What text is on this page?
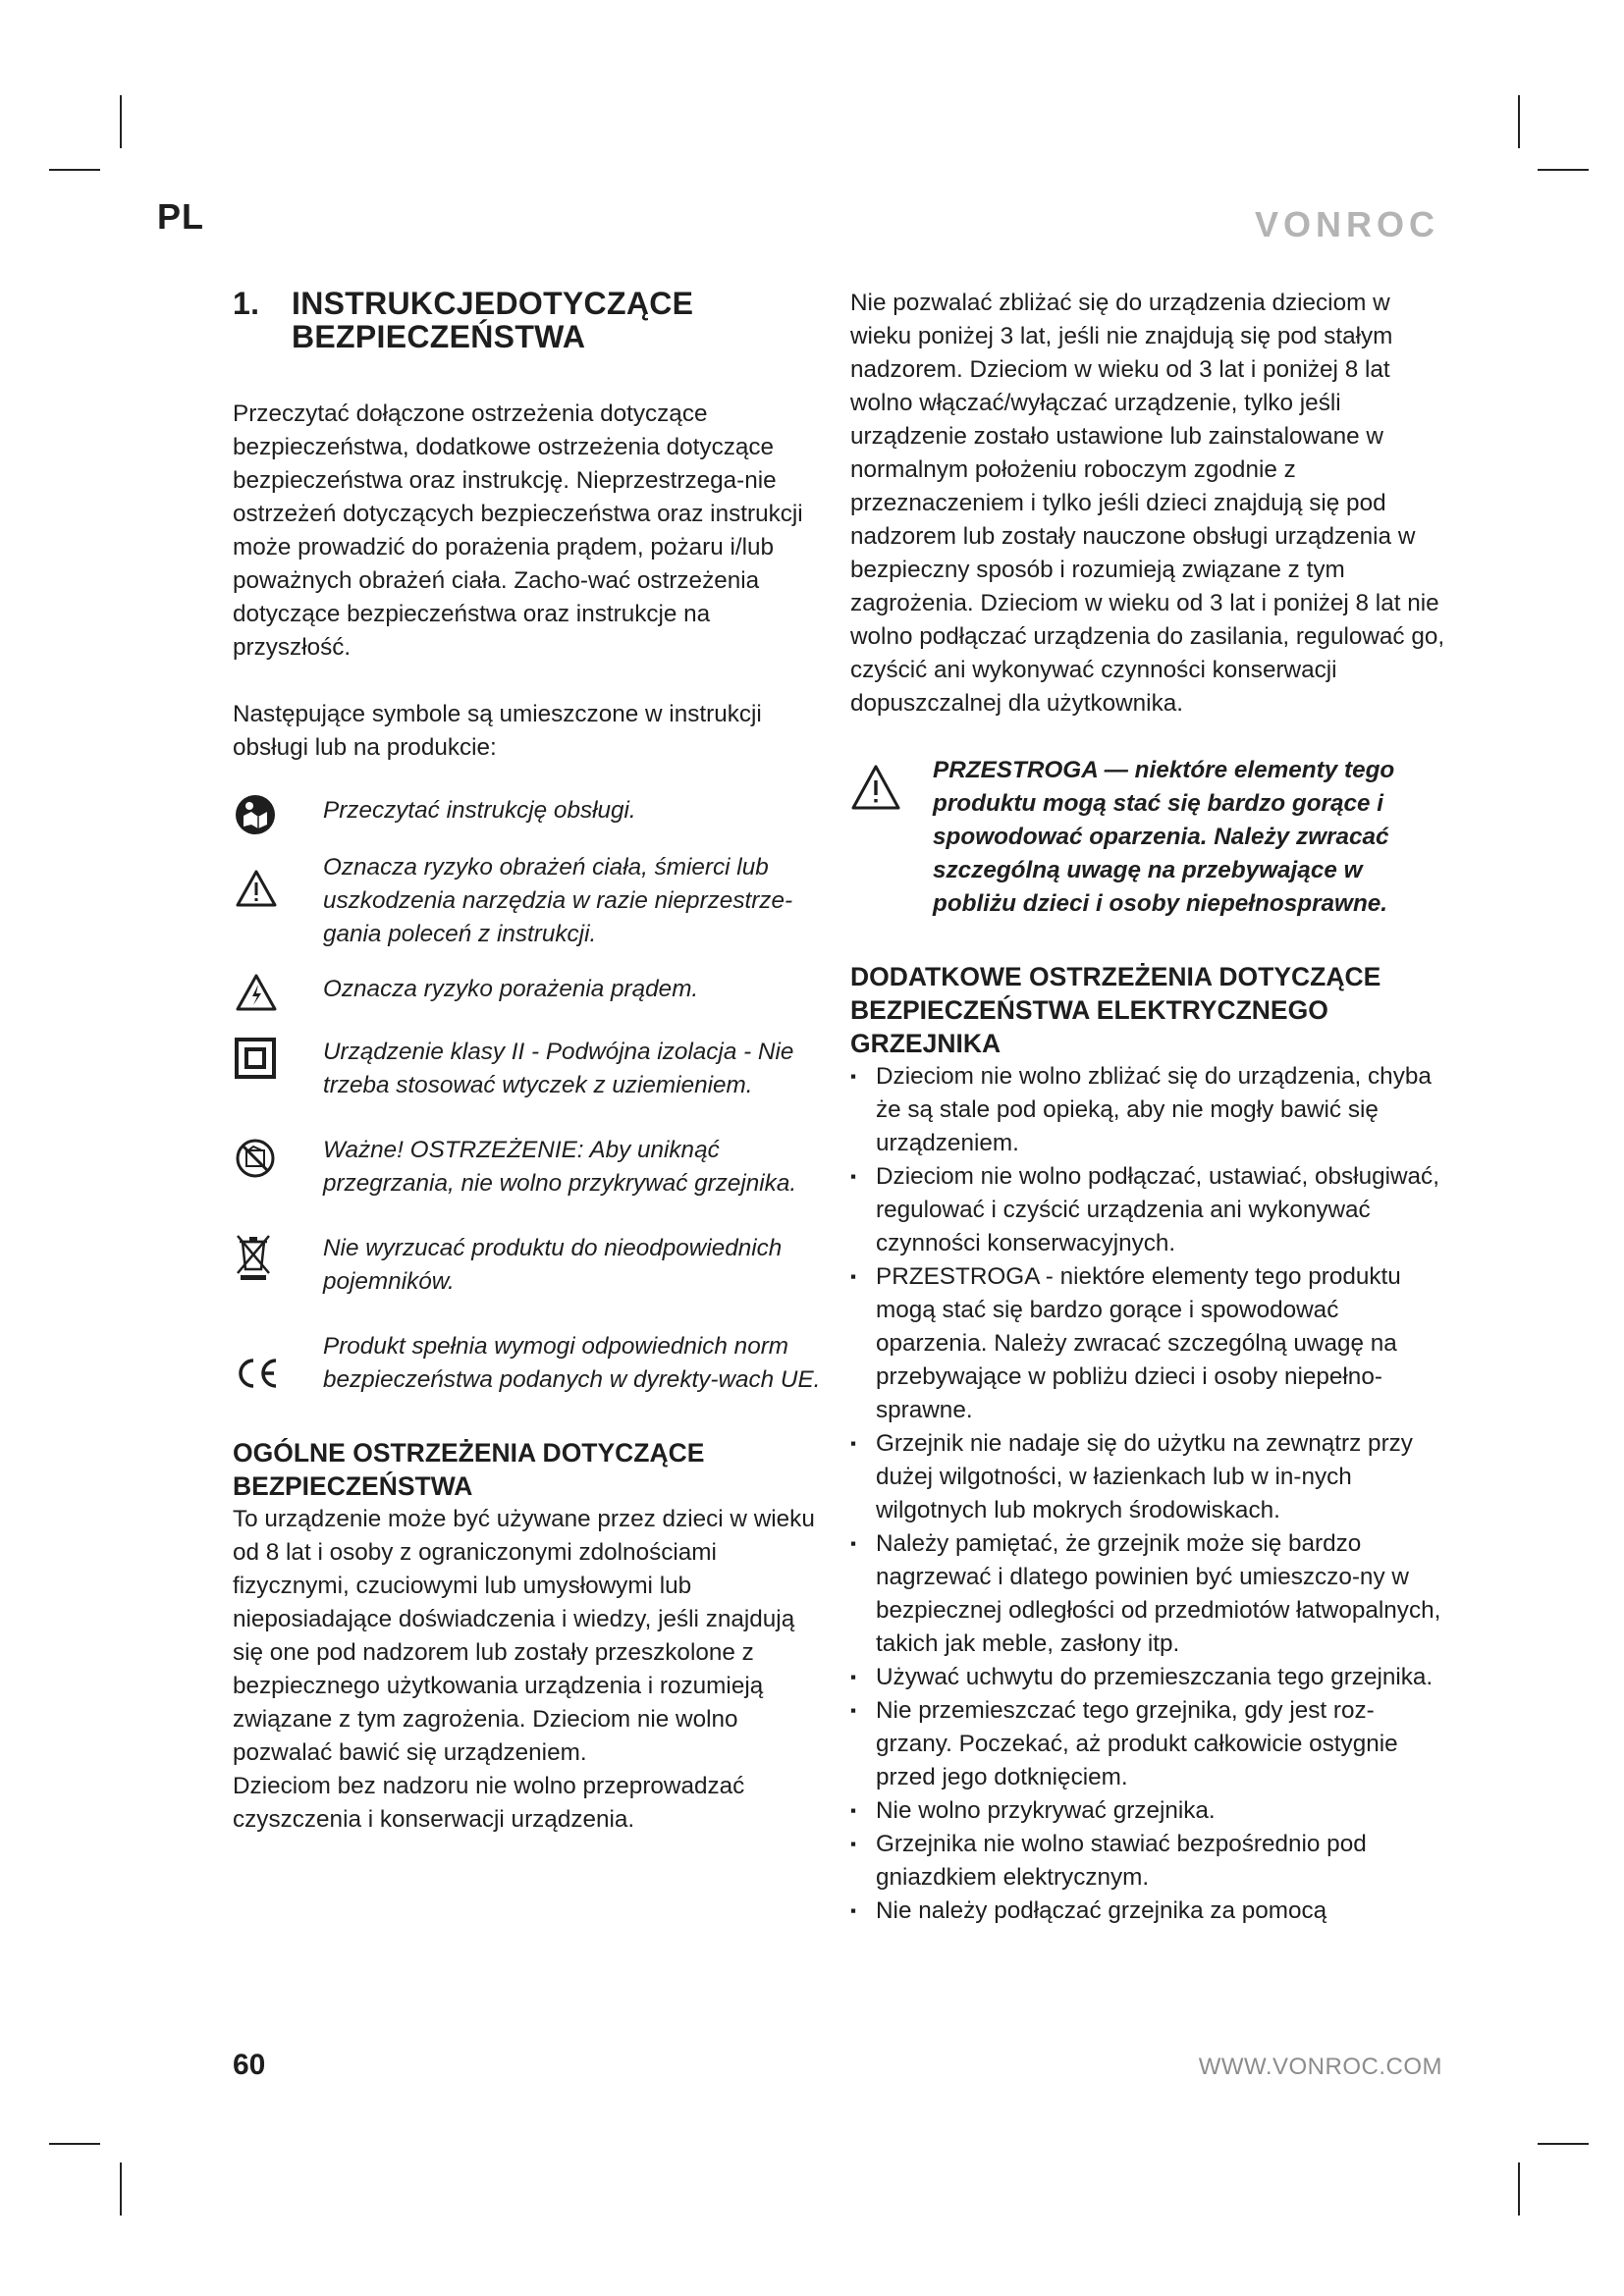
PL	VONROC
1.	INSTRUKCJEDOTYCZĄCE BEZPIECZEŃSTWA

Przeczytać dołączone ostrzeżenia dotyczące bezpieczeństwa, dodatkowe ostrzeżenia dotyczące bezpieczeństwa oraz instrukcję. Nieprzestrzega-nie ostrzeżeń dotyczących bezpieczeństwa oraz instrukcji może prowadzić do porażenia prądem, pożaru i/lub poważnych obrażeń ciała. Zacho-wać ostrzeżenia dotyczące bezpieczeństwa oraz instrukcje na przyszłość.

Następujące symbole są umieszczone w instrukcji obsługi lub na produkcie:

Przeczytać instrukcję obsługi.
Oznacza ryzyko obrażeń ciała, śmierci lub uszkodzenia narzędzia w razie nieprzestrze-gania poleceń z instrukcji.
Oznacza ryzyko porażenia prądem.
Urządzenie klasy II - Podwójna izolacja - Nie trzeba stosować wtyczek z uziemieniem.
Ważne! OSTRZEŻENIE: Aby uniknąć przegrzania, nie wolno przykrywać grzejnika.
Nie wyrzucać produktu do nieodpowiednich pojemników.
Produkt spełnia wymogi odpowiednich norm bezpieczeństwa podanych w dyrekty-wach UE.
OGÓLNE OSTRZEŻENIA DOTYCZĄCE BEZPIECZEŃSTWA

To urządzenie może być używane przez dzieci w wieku od 8 lat i osoby z ograniczonymi zdolnościami fizycznymi, czuciowymi lub umysłowymi lub nieposiadające doświadczenia i wiedzy, jeśli znajdują się one pod nadzorem lub zostały przeszkolone z bezpiecznego użytkowania urządzenia i rozumieją związane z tym zagrożenia. Dzieciom nie wolno pozwalać bawić się urządzeniem.

Dzieciom bez nadzoru nie wolno przeprowadzać czyszczenia i konserwacji urządzenia.

Nie pozwalać zbliżać się do urządzenia dzieciom w wieku poniżej 3 lat, jeśli nie znajdują się pod stałym nadzorem. Dzieciom w wieku od 3 lat i poniżej 8 lat wolno włączać/wyłączać urządzenie, tylko jeśli urządzenie zostało ustawione lub zainstalowane w normalnym położeniu roboczym zgodnie z przeznaczeniem i tylko jeśli dzieci znajdują się pod nadzorem lub zostały nauczone obsługi urządzenia w bezpieczny sposób i rozumieją związane z tym zagrożenia. Dzieciom w wieku od 3 lat i poniżej 8 lat nie wolno podłączać urządzenia do zasilania, regulować go, czyścić ani wykonywać czynności konserwacji dopuszczalnej dla użytkownika.

PRZESTROGA — niektóre elementy tego produktu mogą stać się bardzo gorące i spowodować oparzenia. Należy zwracać szczególną uwagę na przebywające w pobliżu dzieci i osoby niepełnosprawne.
DODATKOWE OSTRZEŻENIA DOTYCZĄCE BEZPIECZEŃSTWA ELEKTRYCZNEGO GRZEJNIKA
▪ Dzieciom nie wolno zbliżać się do urządzenia, chyba że są stale pod opieką, aby nie mogły bawić się urządzeniem.
▪ Dzieciom nie wolno podłączać, ustawiać, obsługiwać, regulować i czyścić urządzenia ani wykonywać czynności konserwacyjnych.
▪ PRZESTROGA - niektóre elementy tego produktu mogą stać się bardzo gorące i spowodować oparzenia. Należy zwracać szczególną uwagę na przebywające w pobliżu dzieci i osoby niepełno-sprawne.
▪ Grzejnik nie nadaje się do użytku na zewnątrz przy dużej wilgotności, w łazienkach lub w in-nych wilgotnych lub mokrych środowiskach.
▪ Należy pamiętać, że grzejnik może się bardzo nagrzewać i dlatego powinien być umieszczo-ny w bezpiecznej odległości od przedmiotów łatwopalnych, takich jak meble, zasłony itp.
▪ Używać uchwytu do przemieszczania tego grzejnika.
▪ Nie przemieszczać tego grzejnika, gdy jest roz-grzany. Poczekać, aż produkt całkowicie ostygnie przed jego dotknięciem.
▪ Nie wolno przykrywać grzejnika.
▪ Grzejnika nie wolno stawiać bezpośrednio pod gniazdkiem elektrycznym.
▪ Nie należy podłączać grzejnika za pomocą
60	WWW.VONROC.COM
